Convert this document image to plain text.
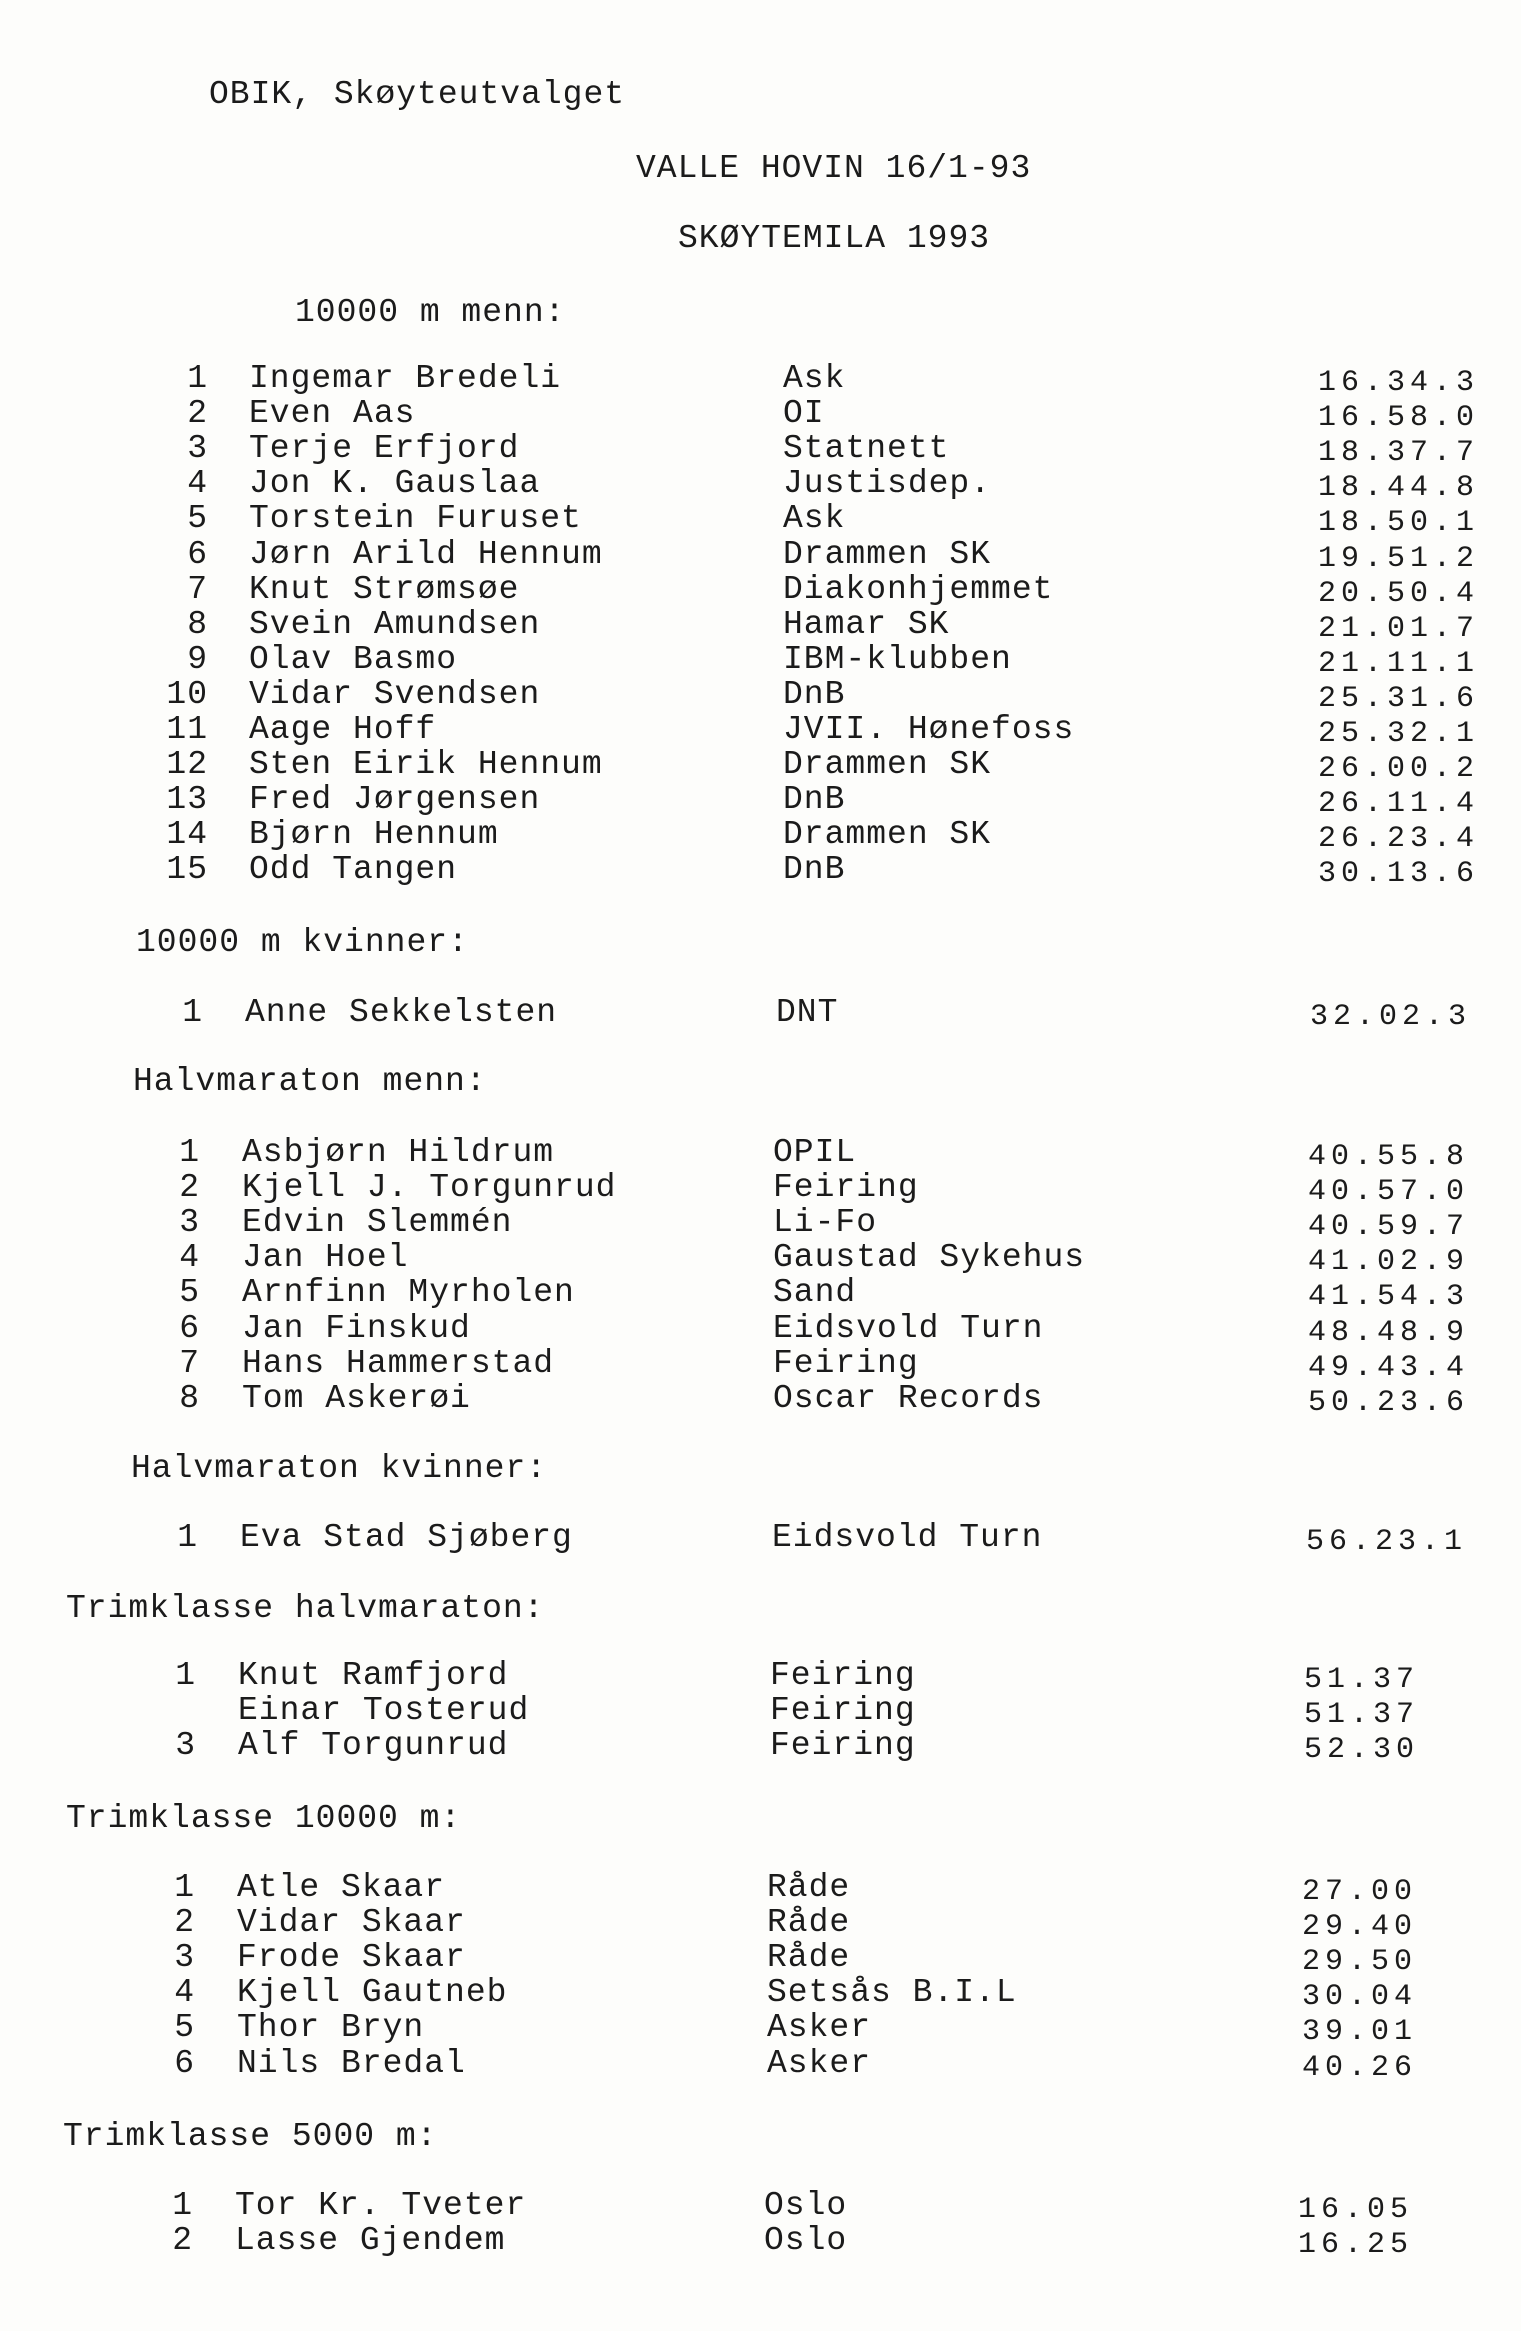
OBIK, Skøyteutvalget
VALLE HOVIN 16/1-93
SKØYTEMILA 1993
10000 m menn:
1 Ingemar Bredeli	Ask	16.34.3
2 Even Aas	OI	16.58.0
3 Terje Erfjord	Statnett	18.37.7
4 Jon K. Gauslaa	Justisdep.	18.44.8
5 Torstein Furuset	Ask	18.50.1
6 Jørn Arild Hennum	Drammen SK	19.51.2
7 Knut Strømsøe	Diakonhjemmet	20.50.4
8 Svein Amundsen	Hamar SK	21.01.7
9 Olav Basmo	IBM-klubben	21.11.1
10 Vidar Svendsen	DnB	25.31.6
11 Aage Hoff	JVII. Hønefoss	25.32.1
12 Sten Eirik Hennum	Drammen SK	26.00.2
13 Fred Jørgensen	DnB	26.11.4
14 Bjørn Hennum	Drammen SK	26.23.4
15 Odd Tangen	DnB	30.13.6
10000 m kvinner:
1 Anne Sekkelsten	DNT	32.02.3
Halvmaraton menn:
1 Asbjørn Hildrum	OPIL	40.55.8
2 Kjell J. Torgunrud	Feiring	40.57.0
3 Edvin Slemmén	Li-Fo	40.59.7
4 Jan Hoel	Gaustad Sykehus	41.02.9
5 Arnfinn Myrholen	Sand	41.54.3
6 Jan Finskud	Eidsvold Turn	48.48.9
7 Hans Hammerstad	Feiring	49.43.4
8 Tom Askerøi	Oscar Records	50.23.6
Halvmaraton kvinner:
1 Eva Stad Sjøberg	Eidsvold Turn	56.23.1
Trimklasse halvmaraton:
1 Knut Ramfjord	Feiring	51.37
Einar Tosterud	Feiring	51.37
3 Alf Torgunrud	Feiring	52.30
Trimklasse 10000 m:
1 Atle Skaar	Råde	27.00
2 Vidar Skaar	Råde	29.40
3 Frode Skaar	Råde	29.50
4 Kjell Gautneb	Setsås B.I.L	30.04
5 Thor Bryn	Asker	39.01
6 Nils Bredal	Asker	40.26
Trimklasse 5000 m:
1 Tor Kr. Tveter	Oslo	16.05
2 Lasse Gjendem	Oslo	16.25
